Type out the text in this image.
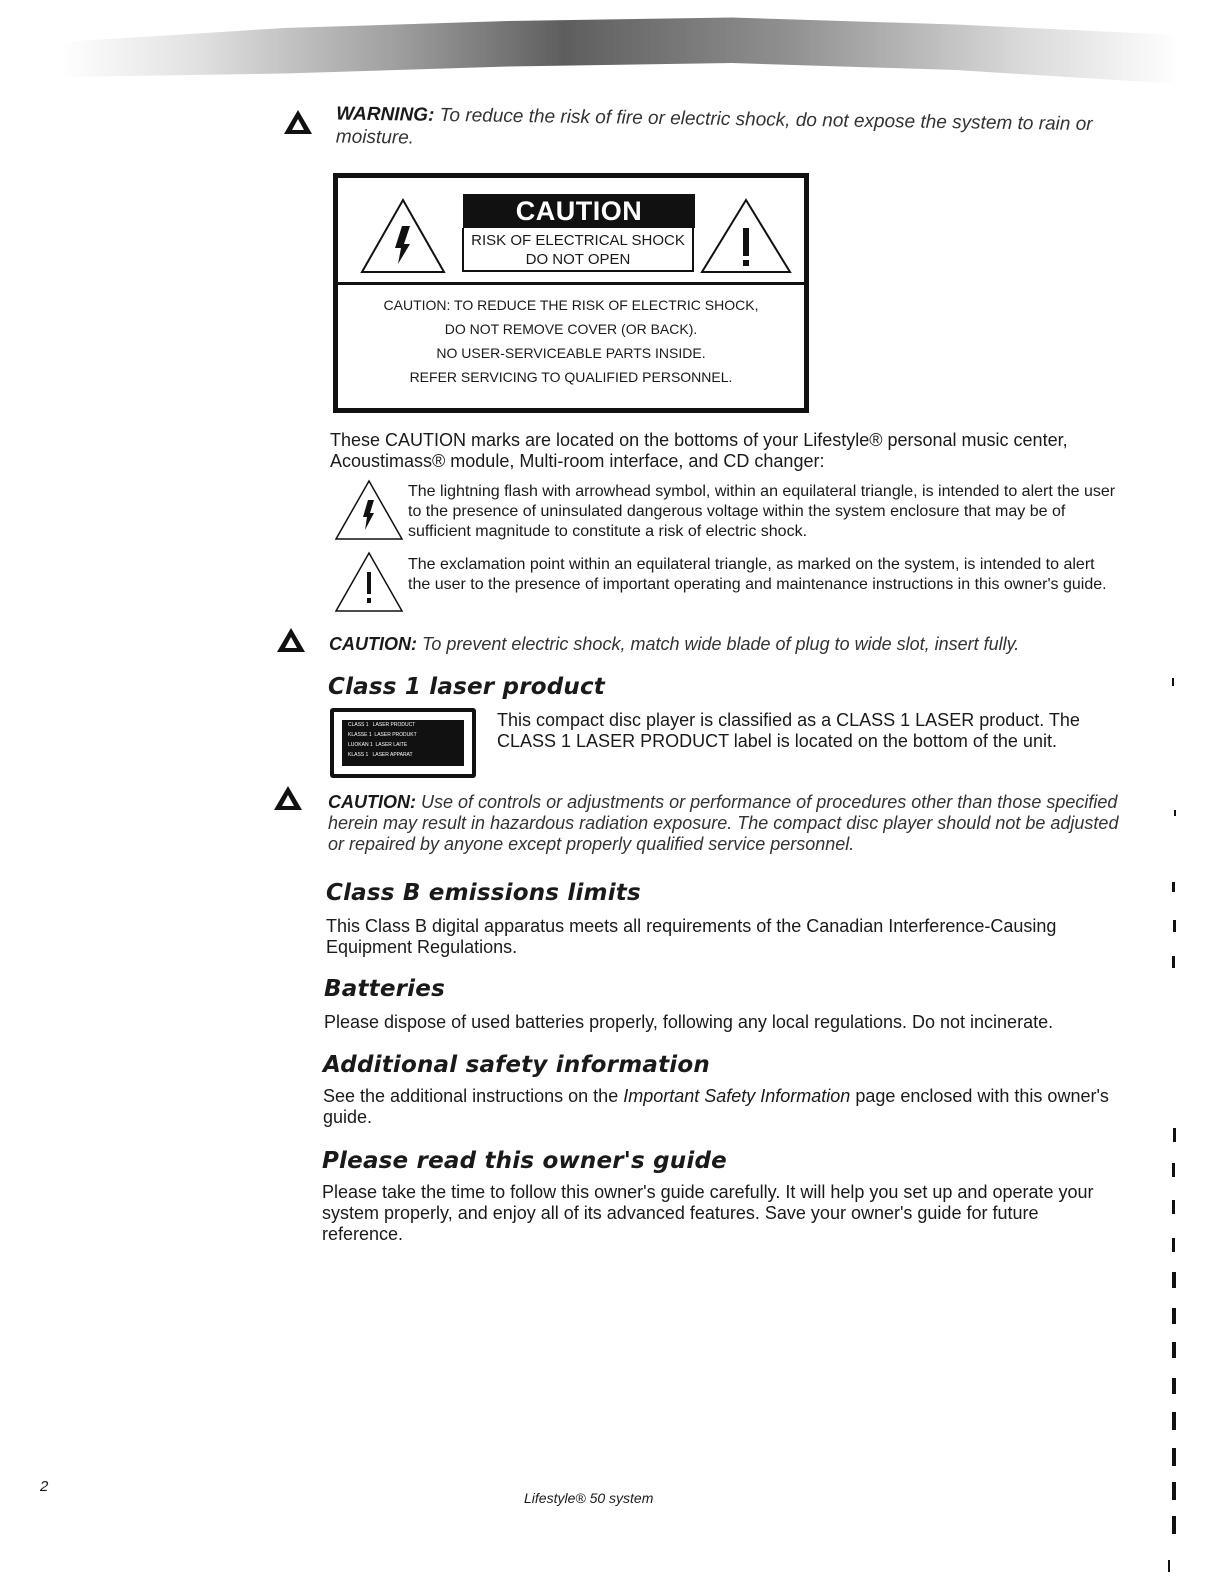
WARNING: To reduce the risk of fire or electric shock, do not expose the system to rain or moisture.

CAUTION
RISK OF ELECTRICAL SHOCK
DO NOT OPEN
CAUTION: TO REDUCE THE RISK OF ELECTRIC SHOCK,
DO NOT REMOVE COVER (OR BACK).
NO USER-SERVICEABLE PARTS INSIDE.
REFER SERVICING TO QUALIFIED PERSONNEL.

These CAUTION marks are located on the bottoms of your Lifestyle® personal music center, Acoustimass® module, Multi-room interface, and CD changer:

The lightning flash with arrowhead symbol, within an equilateral triangle, is intended to alert the user to the presence of uninsulated dangerous voltage within the system enclosure that may be of sufficient magnitude to constitute a risk of electric shock.

The exclamation point within an equilateral triangle, as marked on the system, is intended to alert the user to the presence of important operating and maintenance instructions in this owner's guide.

CAUTION: To prevent electric shock, match wide blade of plug to wide slot, insert fully.

Class 1 laser product
CLASS 1 LASER PRODUCT
KLASSE 1 LASER PRODUKT
LUOKAN 1 LASER LAITE
KLASS 1 LASER APPARAT

This compact disc player is classified as a CLASS 1 LASER product. The CLASS 1 LASER PRODUCT label is located on the bottom of the unit.

CAUTION: Use of controls or adjustments or performance of procedures other than those specified herein may result in hazardous radiation exposure. The compact disc player should not be adjusted or repaired by anyone except properly qualified service personnel.

Class B emissions limits

This Class B digital apparatus meets all requirements of the Canadian Interference-Causing Equipment Regulations.

Batteries

Please dispose of used batteries properly, following any local regulations. Do not incinerate.

Additional safety information

See the additional instructions on the Important Safety Information page enclosed with this owner's guide.

Please read this owner's guide

Please take the time to follow this owner's guide carefully. It will help you set up and operate your system properly, and enjoy all of its advanced features. Save your owner's guide for future reference.

2
Lifestyle® 50 system
